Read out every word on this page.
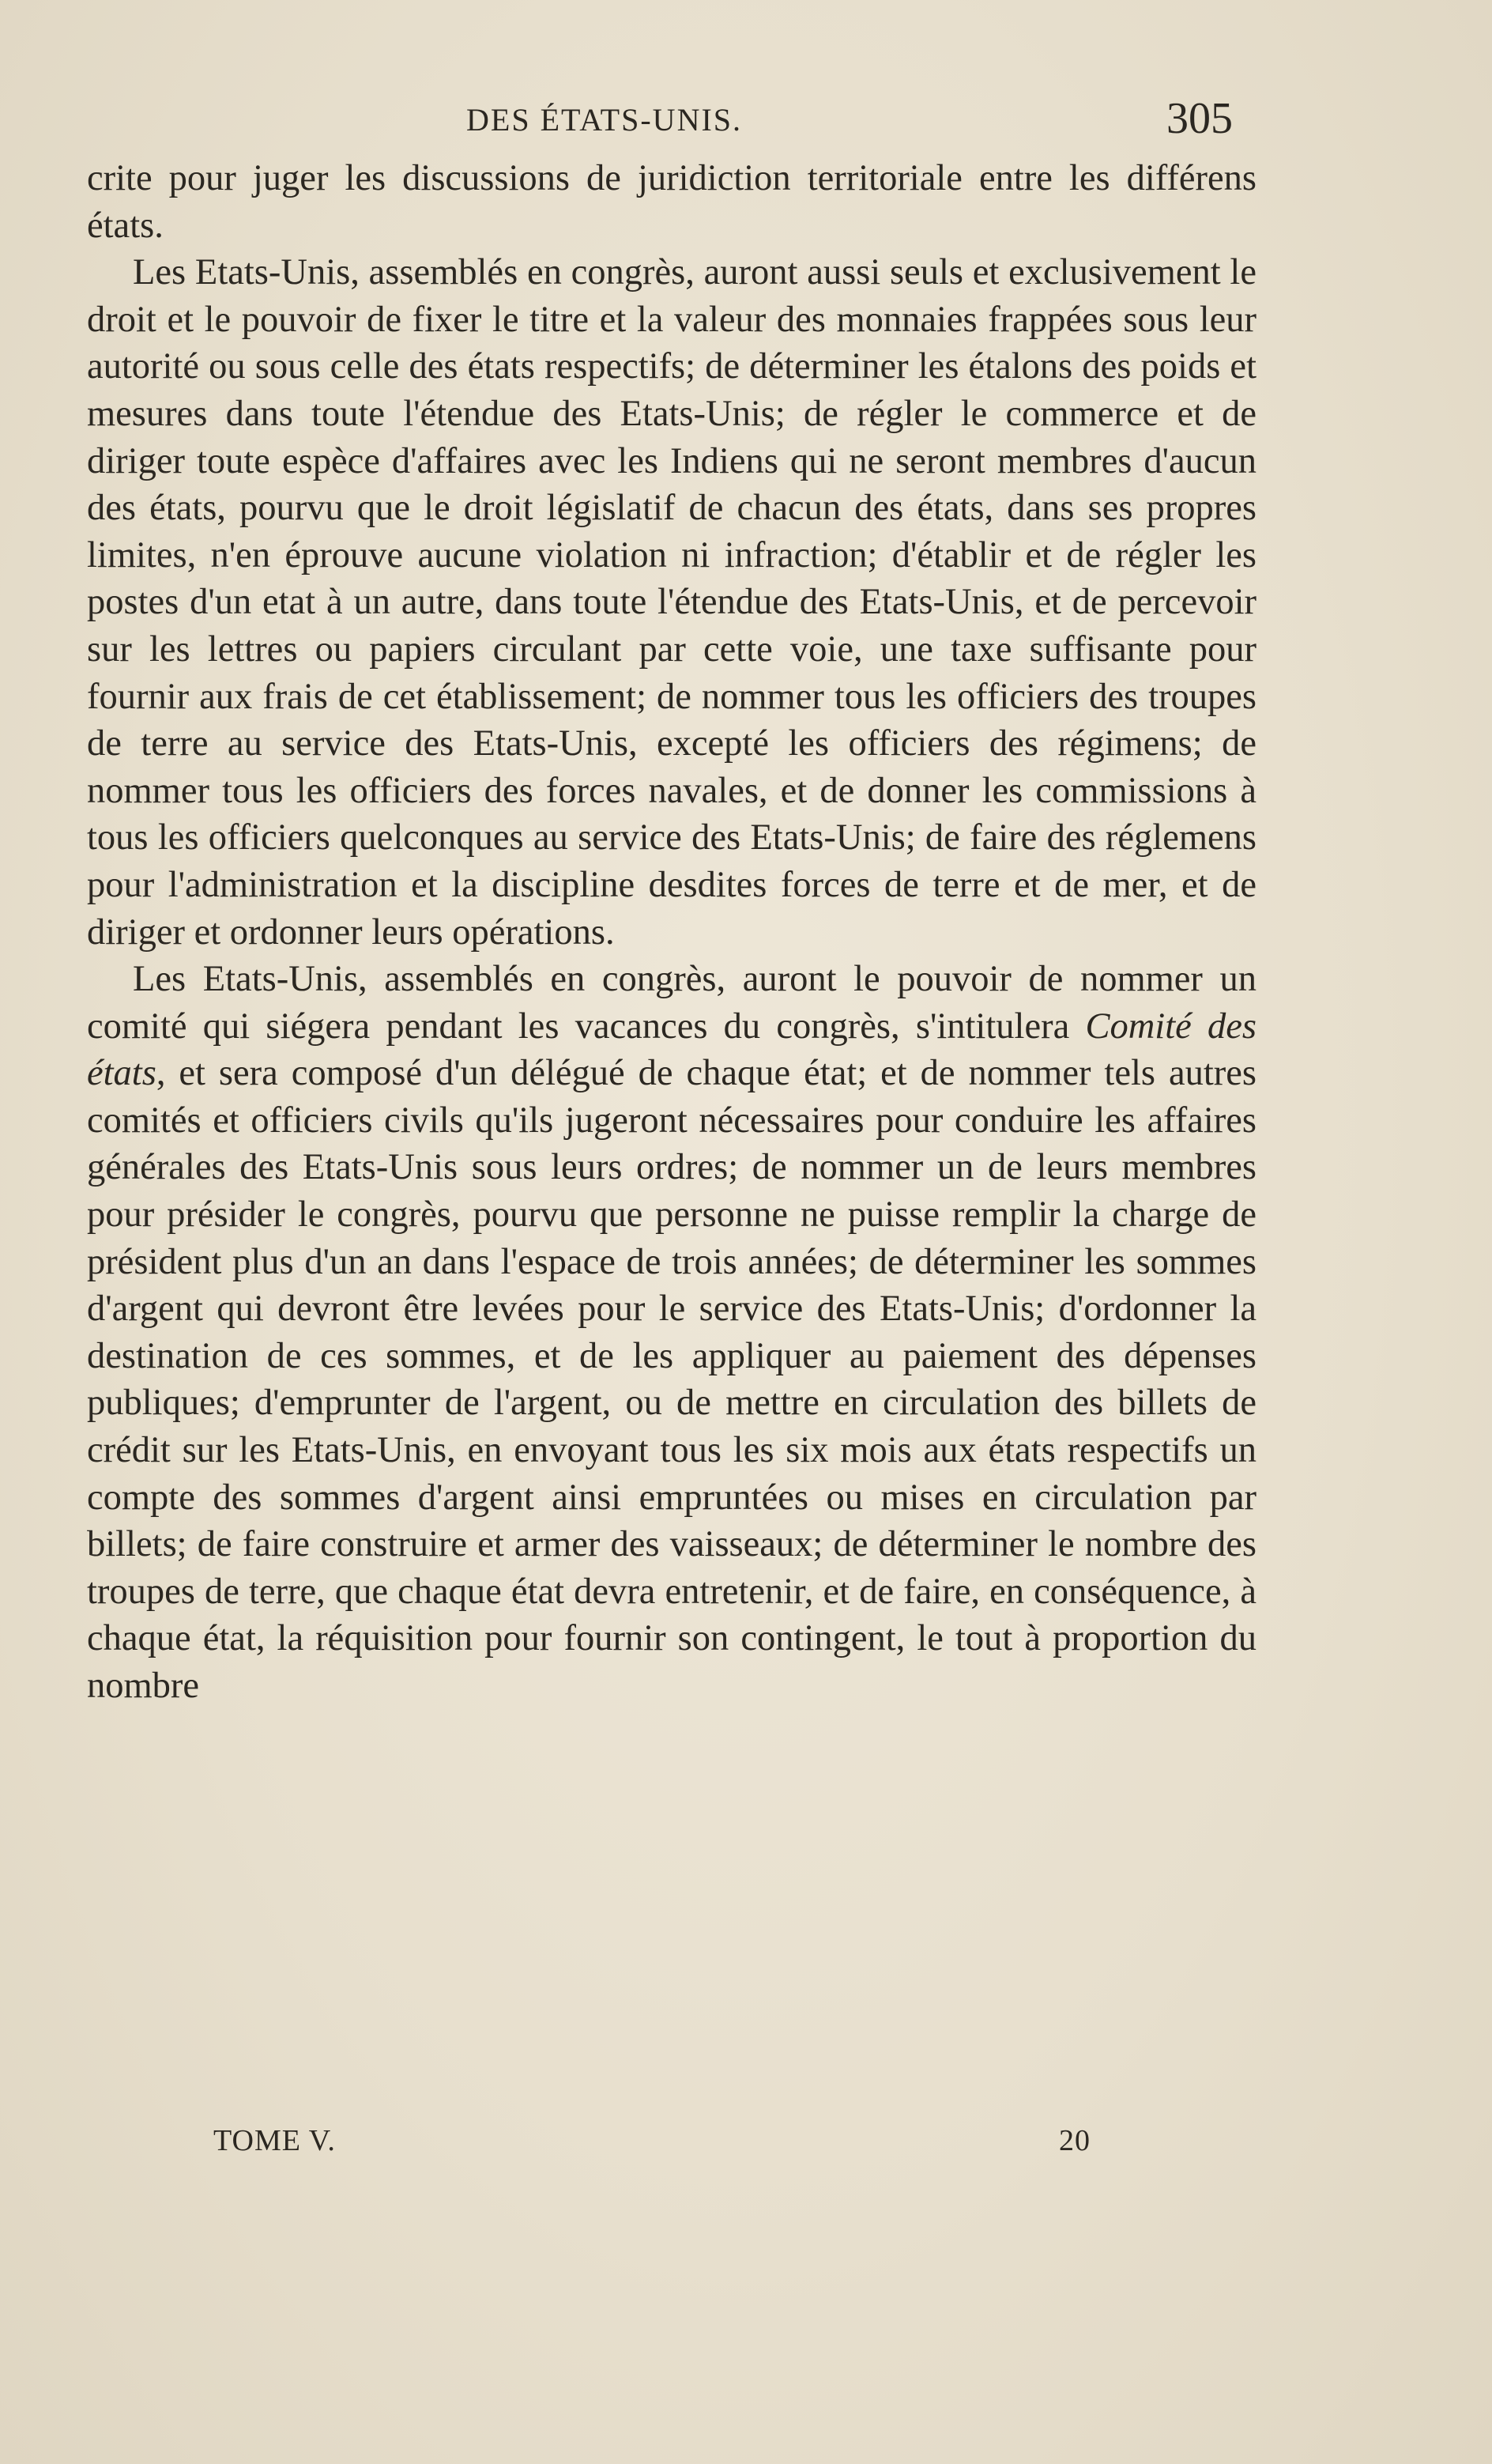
DES ÉTATS-UNIS.	305

crite pour juger les discussions de juridiction territoriale entre les différens états.

Les Etats-Unis, assemblés en congrès, auront aussi seuls et exclusivement le droit et le pouvoir de fixer le titre et la valeur des monnaies frappées sous leur autorité ou sous celle des états respectifs; de déterminer les étalons des poids et mesures dans toute l'étendue des Etats-Unis; de régler le commerce et de diriger toute espèce d'affaires avec les Indiens qui ne seront membres d'aucun des états, pourvu que le droit législatif de chacun des états, dans ses propres limites, n'en éprouve aucune violation ni infraction; d'établir et de régler les postes d'un etat à un autre, dans toute l'étendue des Etats-Unis, et de percevoir sur les lettres ou papiers circulant par cette voie, une taxe suffisante pour fournir aux frais de cet établissement; de nommer tous les officiers des troupes de terre au service des Etats-Unis, excepté les officiers des régimens; de nommer tous les officiers des forces navales, et de donner les commissions à tous les officiers quelconques au service des Etats-Unis; de faire des réglemens pour l'administration et la discipline desdites forces de terre et de mer, et de diriger et ordonner leurs opérations.

Les Etats-Unis, assemblés en congrès, auront le pouvoir de nommer un comité qui siégera pendant les vacances du congrès, s'intitulera Comité des états, et sera composé d'un délégué de chaque état; et de nommer tels autres comités et officiers civils qu'ils jugeront nécessaires pour conduire les affaires générales des Etats-Unis sous leurs ordres; de nommer un de leurs membres pour présider le congrès, pourvu que personne ne puisse remplir la charge de président plus d'un an dans l'espace de trois années; de déterminer les sommes d'argent qui devront être levées pour le service des Etats-Unis; d'ordonner la destination de ces sommes, et de les appliquer au paiement des dépenses publiques; d'emprunter de l'argent, ou de mettre en circulation des billets de crédit sur les Etats-Unis, en envoyant tous les six mois aux états respectifs un compte des sommes d'argent ainsi empruntées ou mises en circulation par billets; de faire construire et armer des vaisseaux; de déterminer le nombre des troupes de terre, que chaque état devra entretenir, et de faire, en conséquence, à chaque état, la réquisition pour fournir son contingent, le tout à proportion du nombre

TOME V.	20
